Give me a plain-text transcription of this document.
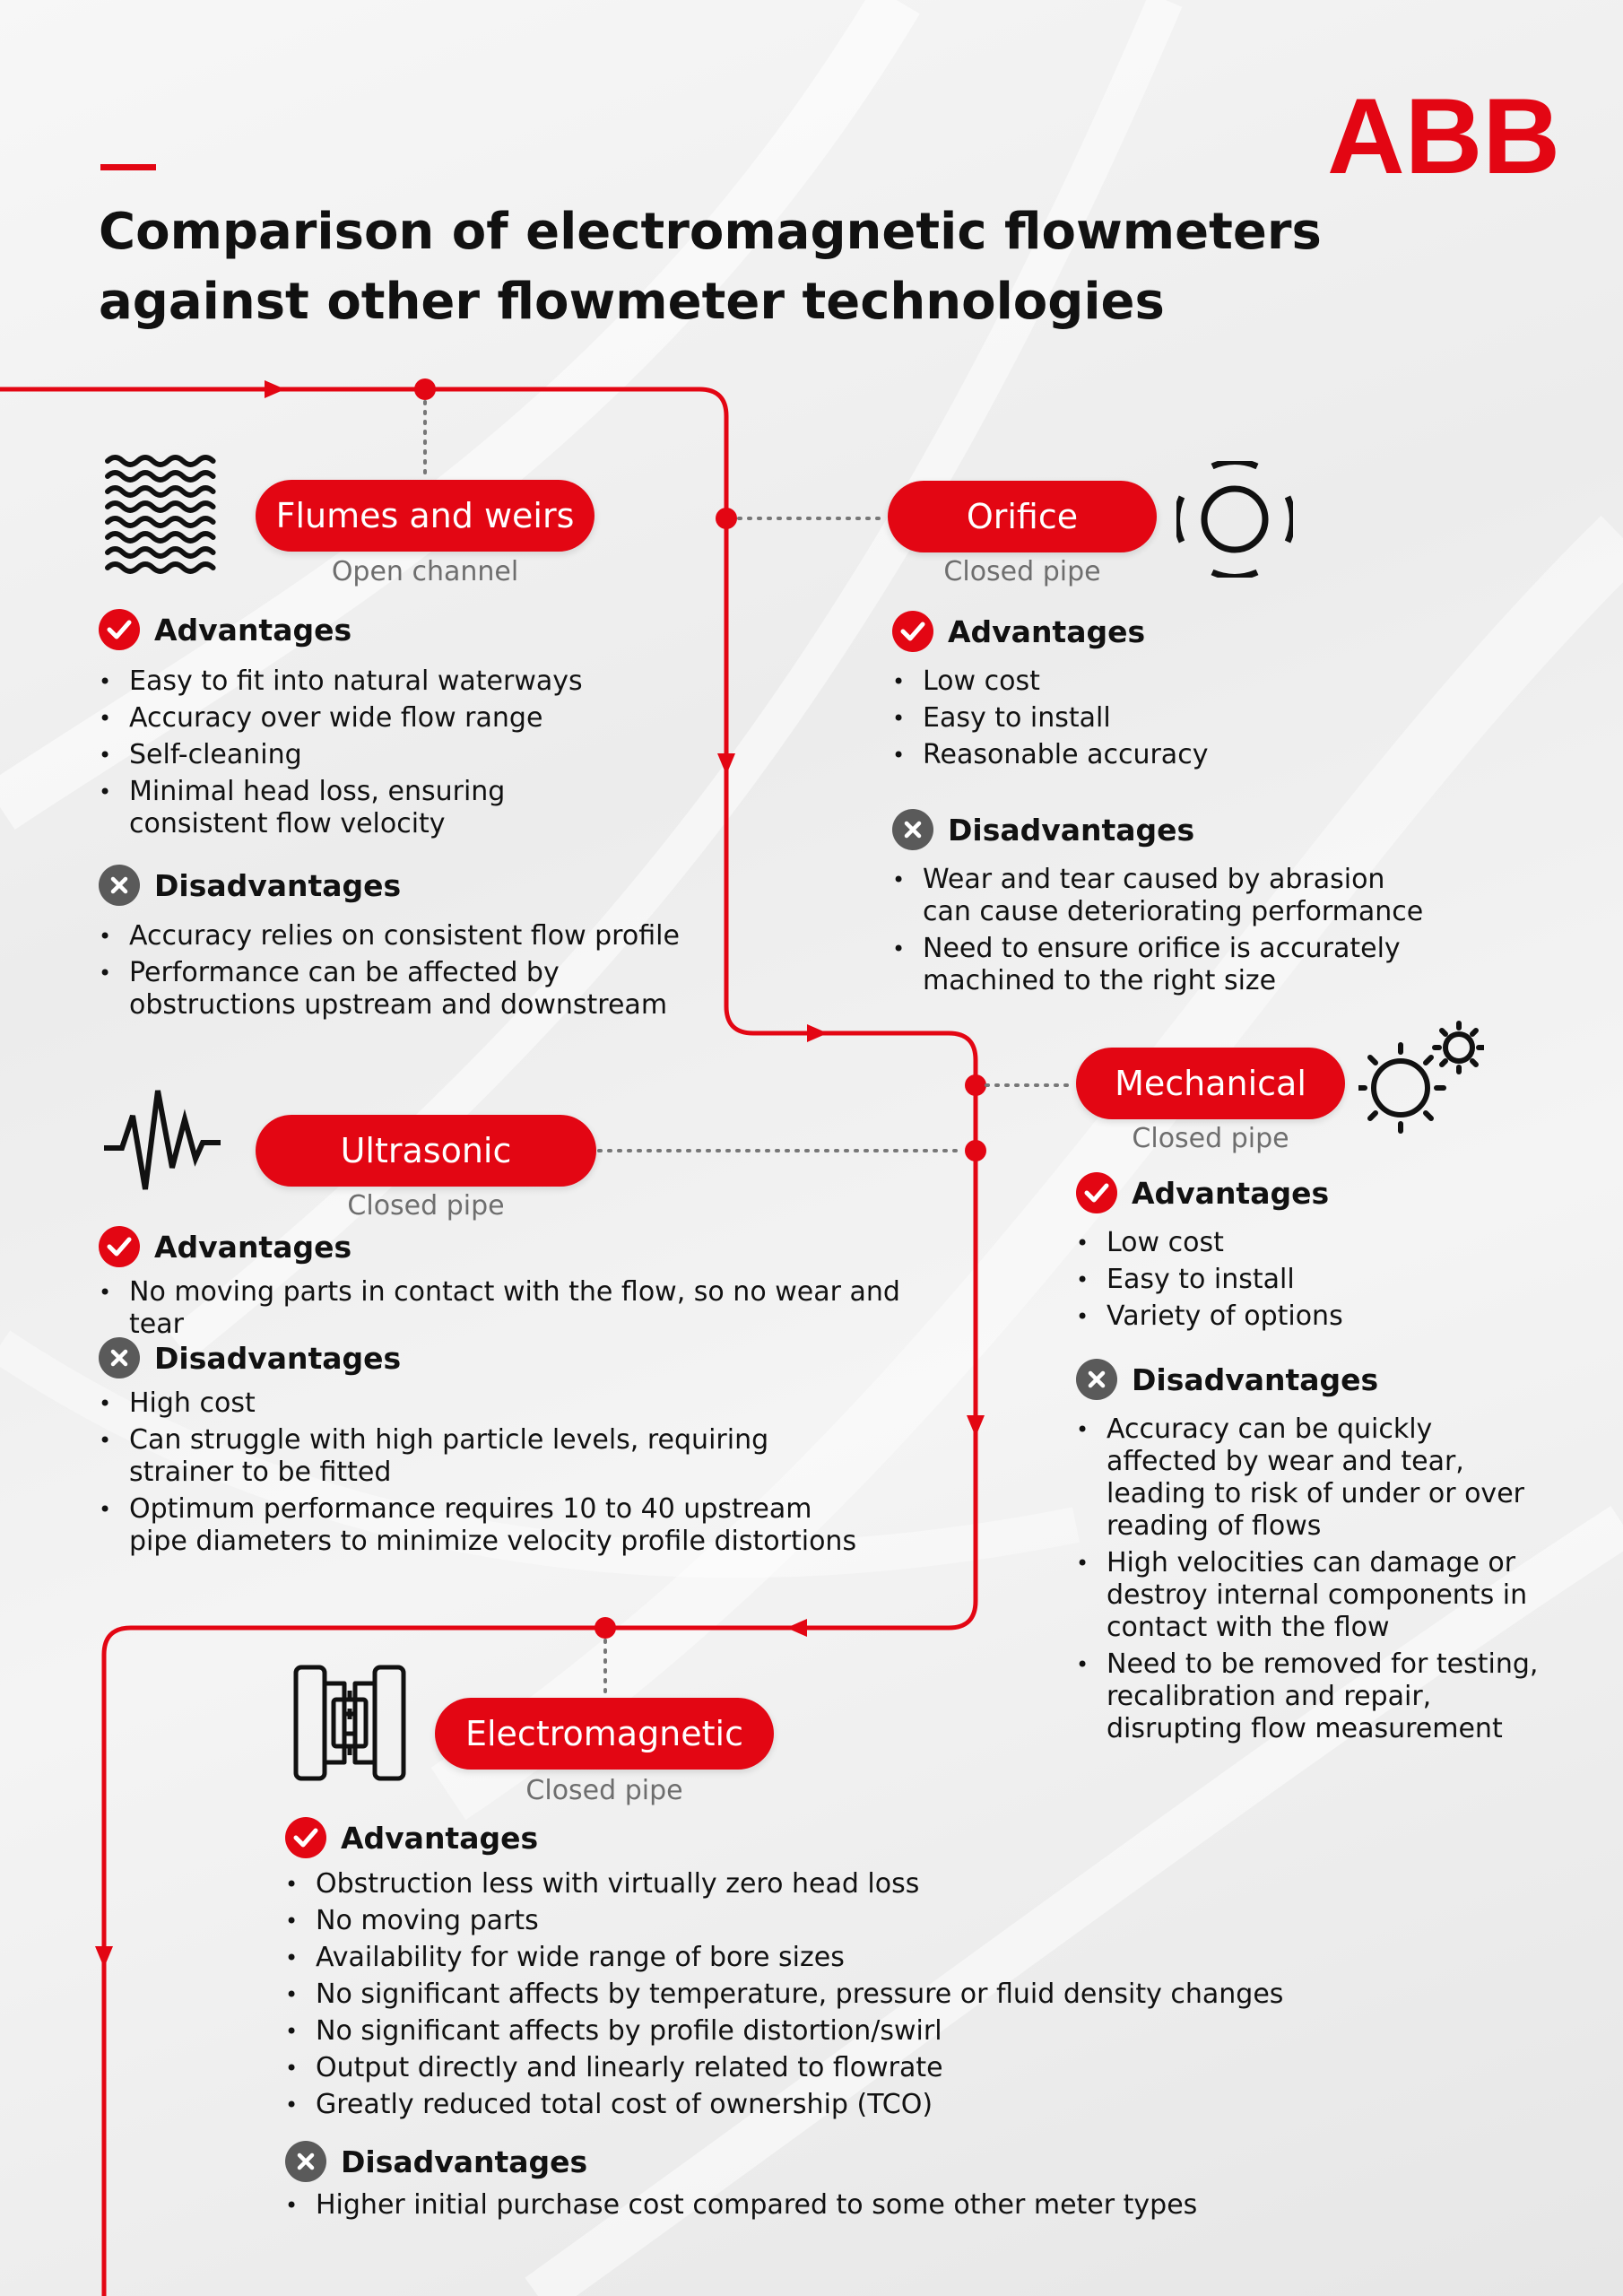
ABB
Comparison of electromagnetic flowmeters
against other flowmeter technologies
Flumes and weirs
Open channel
Advantages
• Easy to fit into natural waterways
• Accuracy over wide flow range
• Self-cleaning
• Minimal head loss, ensuring consistent flow velocity
Disadvantages
• Accuracy relies on consistent flow profile
• Performance can be affected by obstructions upstream and downstream
Orifice
Closed pipe
Advantages
• Low cost
• Easy to install
• Reasonable accuracy
Disadvantages
• Wear and tear caused by abrasion can cause deteriorating performance
• Need to ensure orifice is accurately machined to the right size
Mechanical
Closed pipe
Advantages
• Low cost
• Easy to install
• Variety of options
Disadvantages
• Accuracy can be quickly affected by wear and tear, leading to risk of under or over reading of flows
• High velocities can damage or destroy internal components in contact with the flow
• Need to be removed for testing, recalibration and repair, disrupting flow measurement
Ultrasonic
Closed pipe
Advantages
• No moving parts in contact with the flow, so no wear and tear
Disadvantages
• High cost
• Can struggle with high particle levels, requiring strainer to be fitted
• Optimum performance requires 10 to 40 upstream pipe diameters to minimize velocity profile distortions
Electromagnetic
Closed pipe
Advantages
• Obstruction less with virtually zero head loss
• No moving parts
• Availability for wide range of bore sizes
• No significant affects by temperature, pressure or fluid density changes
• No significant affects by profile distortion/swirl
• Output directly and linearly related to flowrate
• Greatly reduced total cost of ownership (TCO)
Disadvantages
• Higher initial purchase cost compared to some other meter types
